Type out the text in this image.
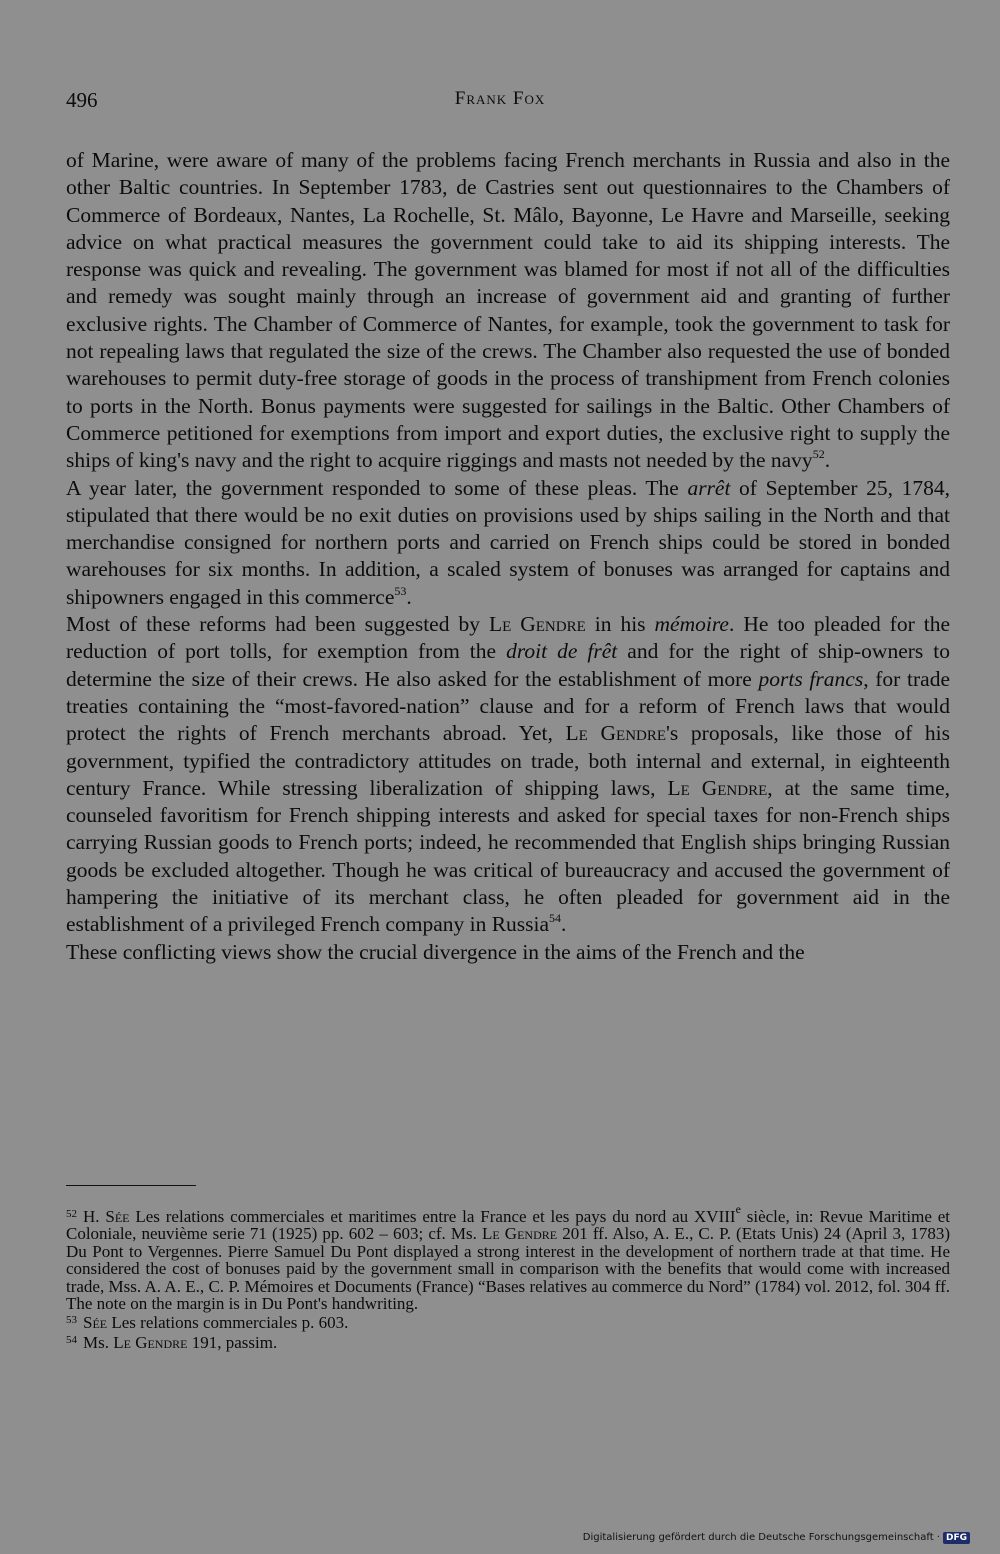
496	Frank Fox

of Marine, were aware of many of the problems facing French merchants in Russia and also in the other Baltic countries. In September 1783, de Castries sent out questionnaires to the Chambers of Commerce of Bordeaux, Nantes, La Rochelle, St. Mâlo, Bayonne, Le Havre and Marseille, seeking advice on what practical measures the government could take to aid its shipping interests. The response was quick and revealing. The government was blamed for most if not all of the difficulties and remedy was sought mainly through an increase of government aid and granting of further exclusive rights. The Chamber of Commerce of Nantes, for example, took the government to task for not repealing laws that regulated the size of the crews. The Chamber also requested the use of bonded warehouses to permit duty-free storage of goods in the process of transhipment from French colonies to ports in the North. Bonus payments were suggested for sailings in the Baltic. Other Chambers of Commerce petitioned for exemptions from import and export duties, the exclusive right to supply the ships of king's navy and the right to acquire riggings and masts not needed by the navy$^{52}$.

A year later, the government responded to some of these pleas. The arrêt of September 25, 1784, stipulated that there would be no exit duties on provisions used by ships sailing in the North and that merchandise consigned for northern ports and carried on French ships could be stored in bonded warehouses for six months. In addition, a scaled system of bonuses was arranged for captains and shipowners engaged in this commerce$^{53}$.

Most of these reforms had been suggested by Le Gendre in his mémoire. He too pleaded for the reduction of port tolls, for exemption from the droit de frêt and for the right of ship-owners to determine the size of their crews. He also asked for the establishment of more ports francs, for trade treaties containing the “most-favored-nation” clause and for a reform of French laws that would protect the rights of French merchants abroad. Yet, Le Gendre's proposals, like those of his government, typified the contradictory attitudes on trade, both internal and external, in eighteenth century France. While stressing liberalization of shipping laws, Le Gendre, at the same time, counseled favoritism for French shipping interests and asked for special taxes for non-French ships carrying Russian goods to French ports; indeed, he recommended that English ships bringing Russian goods be excluded altogether. Though he was critical of bureaucracy and accused the government of hampering the initiative of its merchant class, he often pleaded for government aid in the establishment of a privileged French company in Russia$^{54}$.

These conflicting views show the crucial divergence in the aims of the French and the

$^{52}$ H. Sée Les relations commerciales et maritimes entre la France et les pays du nord au XVIIIe siècle, in: Revue Maritime et Coloniale, neuvième serie 71 (1925) pp. 602 – 603; cf. Ms. Le Gendre 201 ff. Also, A. E., C. P. (Etats Unis) 24 (April 3, 1783) Du Pont to Vergennes. Pierre Samuel Du Pont displayed a strong interest in the development of northern trade at that time. He considered the cost of bonuses paid by the government small in comparison with the benefits that would come with increased trade, Mss. A. A. E., C. P. Mémoires et Documents (France) “Bases relatives au commerce du Nord” (1784) vol. 2012, fol. 304 ff. The note on the margin is in Du Pont's handwriting.

$^{53}$ Sée Les relations commerciales p. 603.

$^{54}$ Ms. Le Gendre 191, passim.

Digitalisierung gefördert durch die Deutsche Forschungsgemeinschaft · DFG
